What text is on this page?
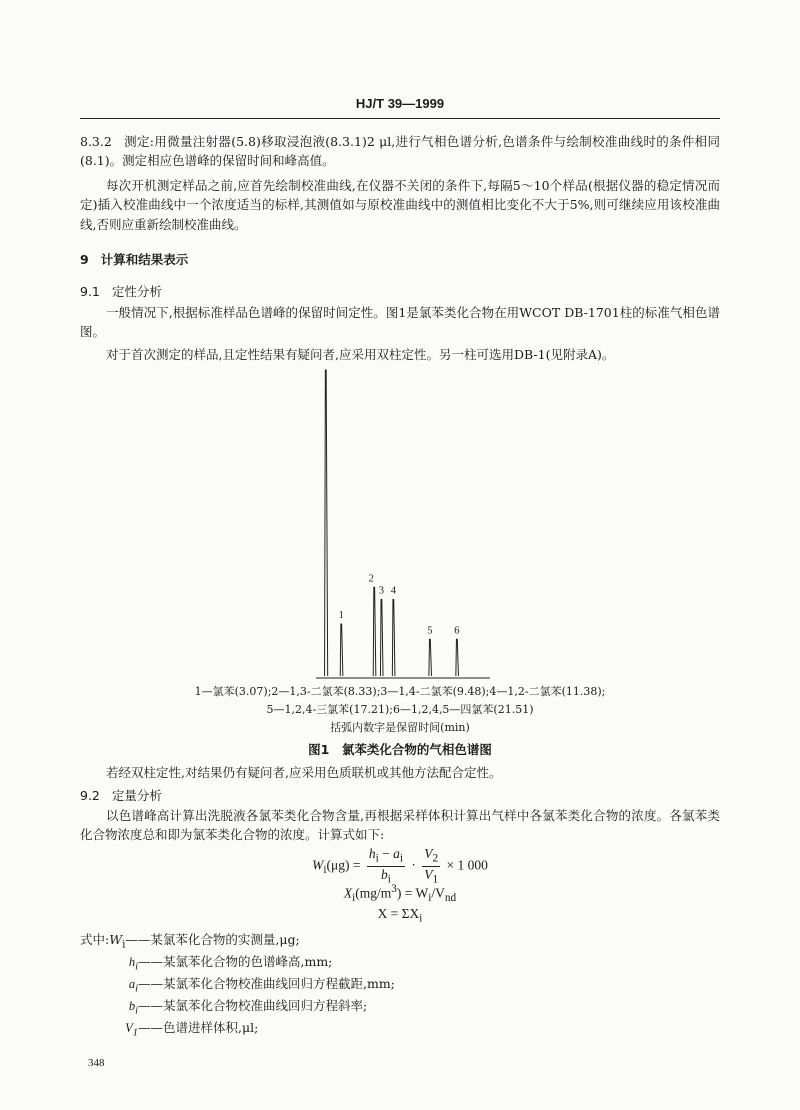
HJ/T 39—1999

8.3.2 测定:用微量注射器(5.8)移取浸泡液(8.3.1)2 μl,进行气相色谱分析,色谱条件与绘制校准曲线时的条件相同(8.1)。测定相应色谱峰的保留时间和峰高值。

每次开机测定样品之前,应首先绘制校准曲线,在仪器不关闭的条件下,每隔5～10个样品(根据仪器的稳定情况而定)插入校准曲线中一个浓度适当的标样,其测值如与原校准曲线中的测值相比变化不大于5%,则可继续应用该校准曲线,否则应重新绘制校准曲线。

9 计算和结果表示
9.1 定性分析

一般情况下,根据标准样品色谱峰的保留时间定性。图1是氯苯类化合物在用WCOT DB-1701柱的标准气相色谱图。

对于首次测定的样品,且定性结果有疑问者,应采用双柱定性。另一柱可选用DB-1(见附录A)。

1
2
3 4
5 6

1—氯苯(3.07);2—1,3-二氯苯(8.33);3—1,4-二氯苯(9.48);4—1,2-二氯苯(11.38);

5—1,2,4-三氯苯(17.21);6—1,2,4,5—四氯苯(21.51)

括弧内数字是保留时间(min)

图1　氯苯类化合物的气相色谱图

若经双柱定性,对结果仍有疑问者,应采用色质联机或其他方法配合定性。

9.2 定量分析

以色谱峰高计算出洗脱液各氯苯类化合物含量,再根据采样体积计算出气样中各氯苯类化合物的浓度。各氯苯类化合物浓度总和即为氯苯类化合物的浓度。计算式如下:

$W_i(\mu g) = \frac{h_i - a_i}{b_i} \cdot \frac{V_2}{V_1} \times 1$ 000
$X_i(mg/m^3) = W_i/V_{nd}$
$X = \Sigma X_i$
式中$:W_i——$某氯苯化合物的实测量,μg;
$h_i——$某氯苯化合物的色谱峰高,mm;
$a_i——$某氯苯化合物校准曲线回归方程截距,mm;
$b_i——$某氯苯化合物校准曲线回归方程斜率;
$V_1——$色谱进样体积,μl;
348
